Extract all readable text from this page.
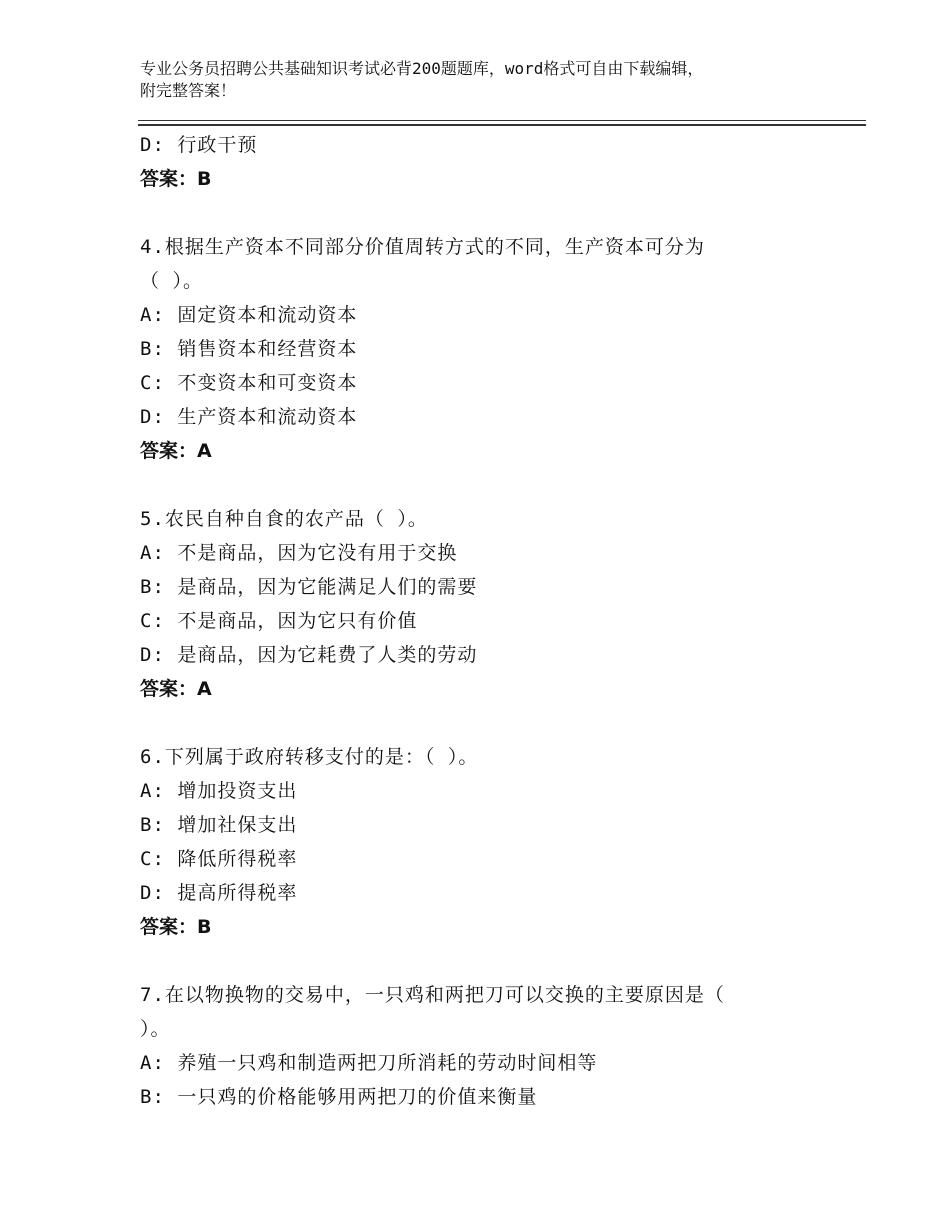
专业公务员招聘公共基础知识考试必背200题题库，word格式可自由下载编辑，
附完整答案！
D: 行政干预
答案：B
4.根据生产资本不同部分价值周转方式的不同，生产资本可分为
（ ）。
A: 固定资本和流动资本
B: 销售资本和经营资本
C: 不变资本和可变资本
D: 生产资本和流动资本
答案：A
5.农民自种自食的农产品（ ）。
A: 不是商品，因为它没有用于交换
B: 是商品，因为它能满足人们的需要
C: 不是商品，因为它只有价值
D: 是商品，因为它耗费了人类的劳动
答案：A
6.下列属于政府转移支付的是：（ ）。
A: 增加投资支出
B: 增加社保支出
C: 降低所得税率
D: 提高所得税率
答案：B
7.在以物换物的交易中，一只鸡和两把刀可以交换的主要原因是（
）。
A: 养殖一只鸡和制造两把刀所消耗的劳动时间相等
B: 一只鸡的价格能够用两把刀的价值来衡量
